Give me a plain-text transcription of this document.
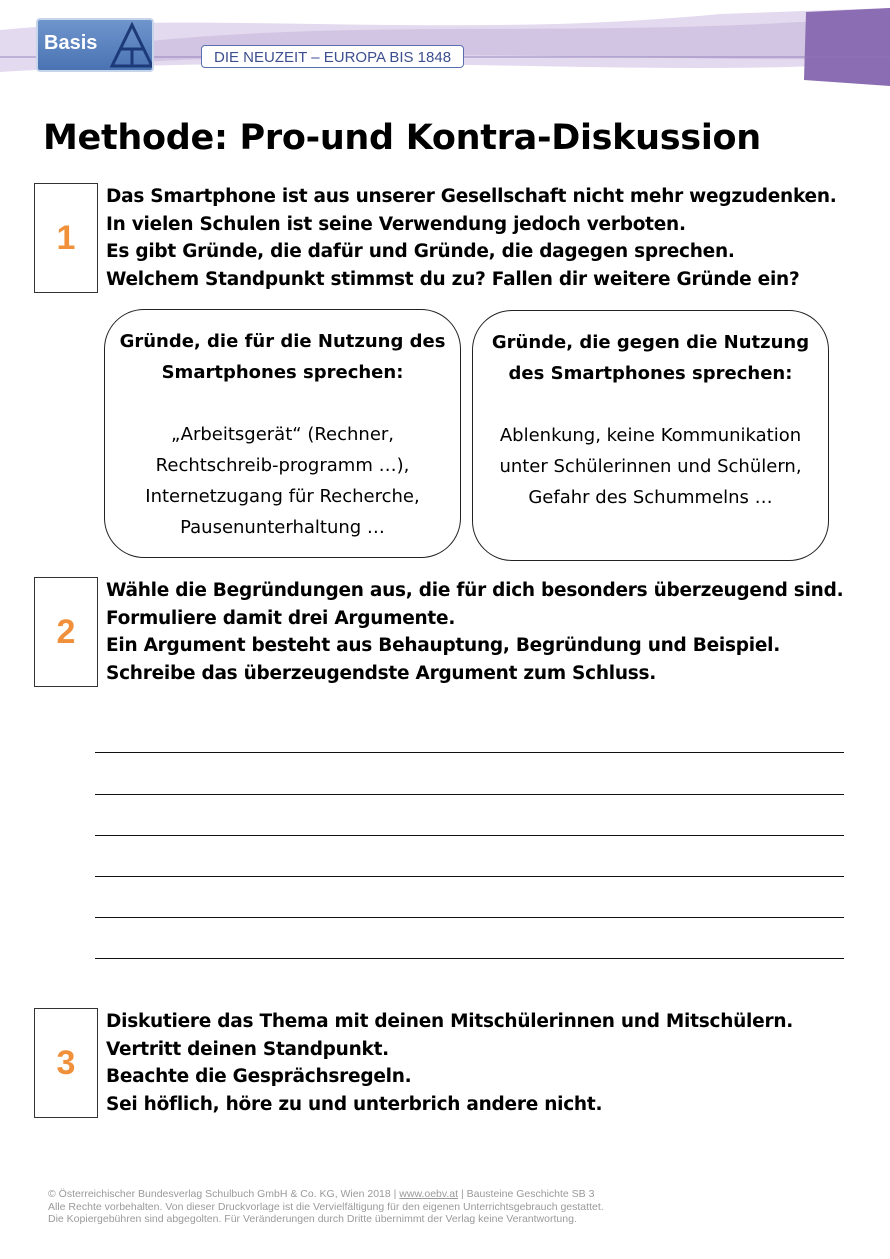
Basis
DIE NEUZEIT – EUROPA BIS 1848
Methode: Pro-und Kontra-Diskussion
1
Das Smartphone ist aus unserer Gesellschaft nicht mehr wegzudenken.
In vielen Schulen ist seine Verwendung jedoch verboten.
Es gibt Gründe, die dafür und Gründe, die dagegen sprechen.
Welchem Standpunkt stimmst du zu? Fallen dir weitere Gründe ein?
Gründe, die für die Nutzung des
Smartphones sprechen:
„Arbeitsgerät“ (Rechner,
Rechtschreib-programm …),
Internetzugang für Recherche,
Pausenunterhaltung …
Gründe, die gegen die Nutzung
des Smartphones sprechen:
Ablenkung, keine Kommunikation
unter Schülerinnen und Schülern,
Gefahr des Schummelns …
2
Wähle die Begründungen aus, die für dich besonders überzeugend sind.
Formuliere damit drei Argumente.
Ein Argument besteht aus Behauptung, Begründung und Beispiel.
Schreibe das überzeugendste Argument zum Schluss.
3
Diskutiere das Thema mit deinen Mitschülerinnen und Mitschülern.
Vertritt deinen Standpunkt.
Beachte die Gesprächsregeln.
Sei höflich, höre zu und unterbrich andere nicht.
© Österreichischer Bundesverlag Schulbuch GmbH & Co. KG, Wien 2018 | www.oebv.at | Bausteine Geschichte SB 3
Alle Rechte vorbehalten. Von dieser Druckvorlage ist die Vervielfältigung für den eigenen Unterrichtsgebrauch gestattet.
Die Kopiergebühren sind abgegolten. Für Veränderungen durch Dritte übernimmt der Verlag keine Verantwortung.
